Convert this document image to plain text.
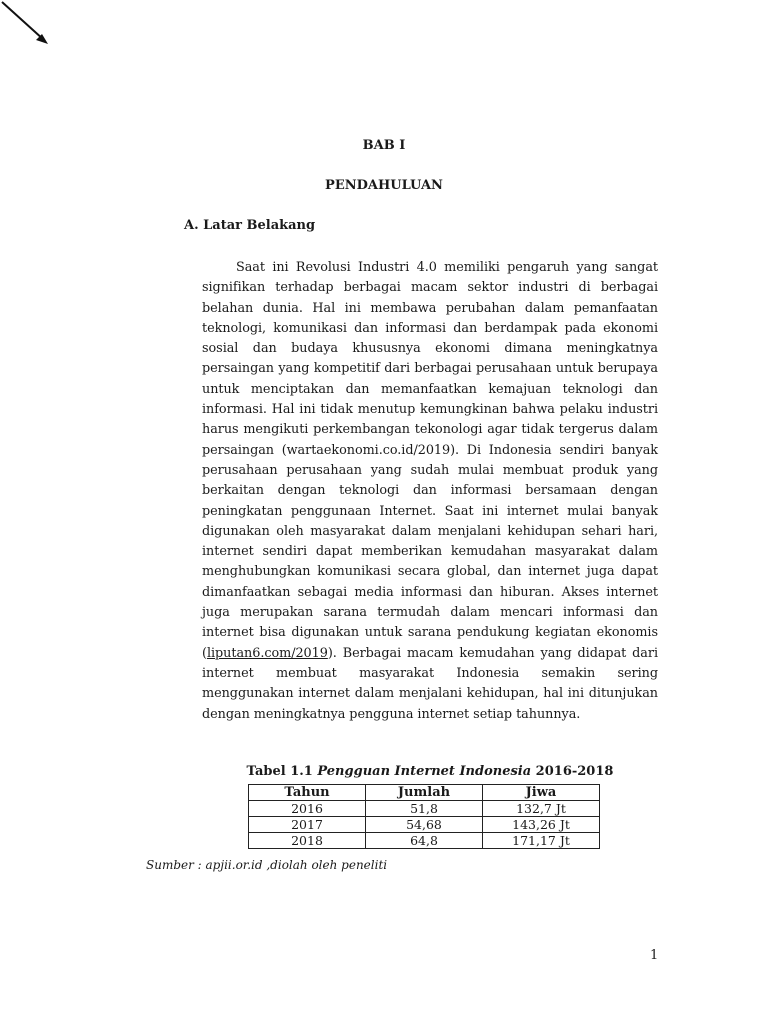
BAB I
PENDAHULUAN
A. Latar Belakang

Saat ini Revolusi Industri 4.0 memiliki pengaruh yang sangat signifikan terhadap berbagai macam sektor industri di berbagai belahan dunia. Hal ini membawa perubahan dalam pemanfaatan teknologi, komunikasi dan informasi dan berdampak pada ekonomi sosial dan budaya khususnya ekonomi dimana meningkatnya persaingan yang kompetitif dari berbagai perusahaan untuk berupaya untuk menciptakan dan memanfaatkan kemajuan teknologi dan informasi. Hal ini tidak menutup kemungkinan bahwa pelaku industri harus mengikuti perkembangan tekonologi agar tidak tergerus dalam persaingan (wartaekonomi.co.id/2019). Di Indonesia sendiri banyak perusahaan perusahaan yang sudah mulai membuat produk yang berkaitan dengan teknologi dan informasi bersamaan dengan peningkatan penggunaan Internet. Saat ini internet mulai banyak digunakan oleh masyarakat dalam menjalani kehidupan sehari hari, internet sendiri dapat memberikan kemudahan masyarakat dalam menghubungkan komunikasi secara global, dan internet juga dapat dimanfaatkan sebagai media informasi dan hiburan. Akses internet juga merupakan sarana termudah dalam mencari informasi dan internet bisa digunakan untuk sarana pendukung kegiatan ekonomis (liputan6.com/2019). Berbagai macam kemudahan yang didapat dari internet membuat masyarakat Indonesia semakin sering menggunakan internet dalam menjalani kehidupan, hal ini ditunjukan dengan meningkatnya pengguna internet setiap tahunnya.

Tabel 1.1 Pengguan Internet Indonesia 2016-2018

Tahun	Jumlah	Jiwa
2016	51,8	132,7 Jt
2017	54,68	143,26 Jt
2018	64,8	171,17 Jt

Sumber : apjii.or.id ,diolah oleh peneliti

1
